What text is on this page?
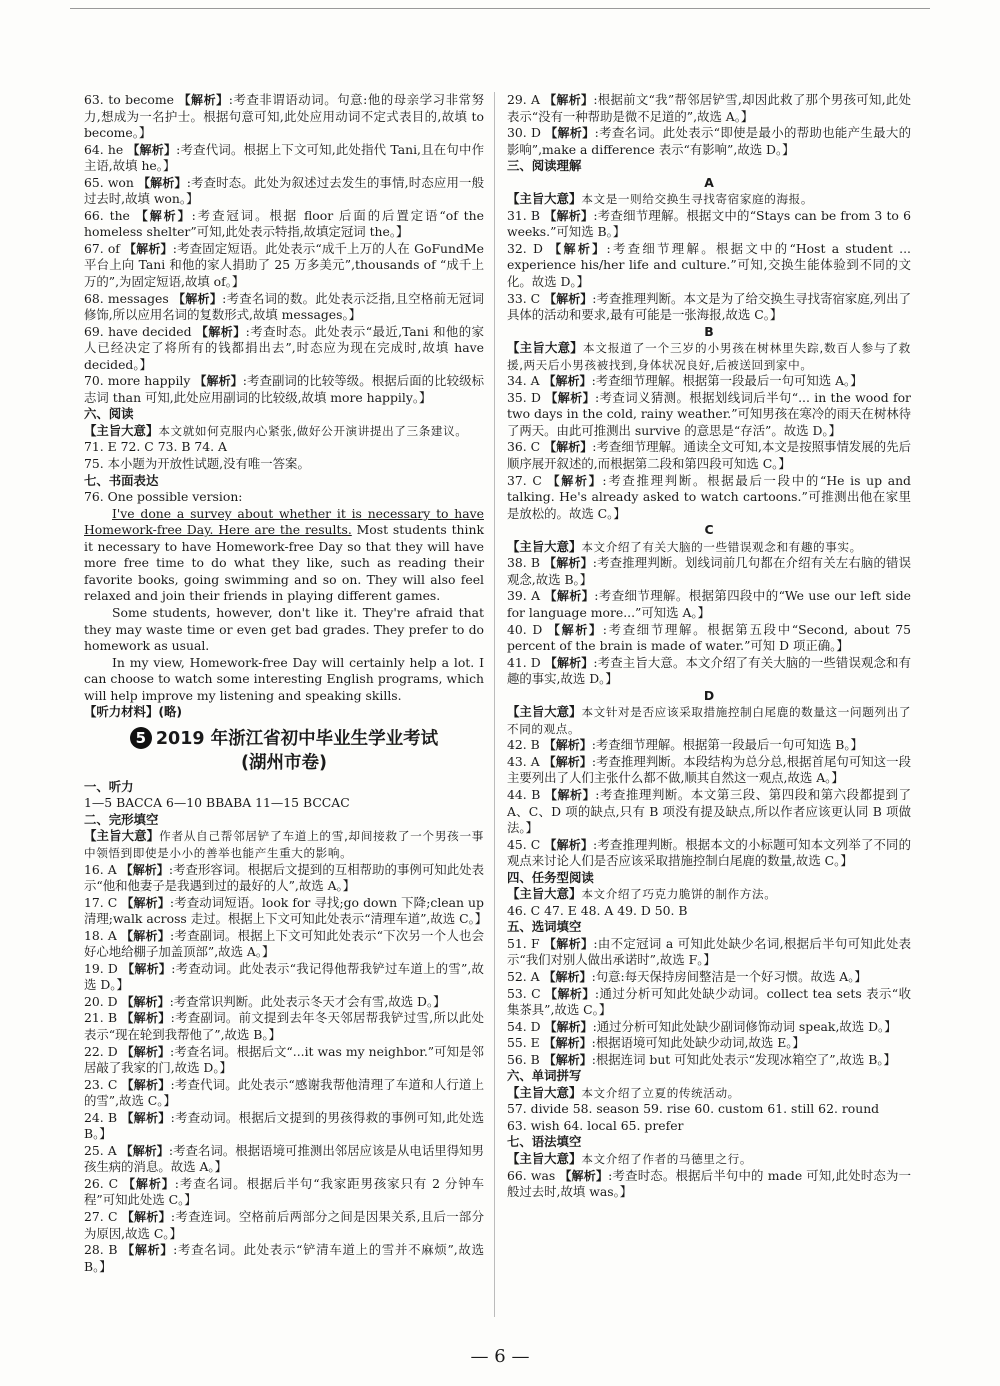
63. to become 【解析】:考查非谓语动词。句意:他的母亲学习非常努力,想成为一名护士。根据句意可知,此处应用动词不定式表目的,故填 to become。】

64. he 【解析】:考查代词。根据上下文可知,此处指代 Tani,且在句中作主语,故填 he。】

65. won 【解析】:考查时态。此处为叙述过去发生的事情,时态应用一般过去时,故填 won。】

66. the 【解析】:考查冠词。根据 floor 后面的后置定语“of the homeless shelter”可知,此处表示特指,故填定冠词 the。】

67. of 【解析】:考查固定短语。此处表示“成千上万的人在 GoFundMe 平台上向 Tani 和他的家人捐助了 25 万多美元”,thousands of “成千上万的”,为固定短语,故填 of。】

68. messages 【解析】:考查名词的数。此处表示泛指,且空格前无冠词修饰,所以应用名词的复数形式,故填 messages。】

69. have decided 【解析】:考查时态。此处表示“最近,Tani 和他的家人已经决定了将所有的钱都捐出去”,时态应为现在完成时,故填 have decided。】

70. more happily 【解析】:考查副词的比较等级。根据后面的比较级标志词 than 可知,此处应用副词的比较级,故填 more happily。】

六、阅读

【主旨大意】本文就如何克服内心紧张,做好公开演讲提出了三条建议。

71. E 72. C 73. B 74. A

75. 本小题为开放性试题,没有唯一答案。

七、书面表达

76. One possible version:

I've done a survey about whether it is necessary to have Homework-free Day. Here are the results. Most students think it necessary to have Homework-free Day so that they will have more free time to do what they like, such as reading their favorite books, going swimming and so on. They will also feel relaxed and join their friends in playing different games.

Some students, however, don't like it. They're afraid that they may waste time or even get bad grades. They prefer to do homework as usual.

In my view, Homework-free Day will certainly help a lot. I can choose to watch some interesting English programs, which will help improve my listening and speaking skills.

【听力材料】(略)

5 2019 年浙江省初中毕业生学业考试
(湖州市卷)

一、听力

1—5 BACCA 6—10 BBABA 11—15 BCCAC

二、完形填空

【主旨大意】作者从自己帮邻居铲了车道上的雪,却间接救了一个男孩一事中领悟到即使是小小的善举也能产生重大的影响。

16. A 【解析】:考查形容词。根据后文提到的互相帮助的事例可知此处表示“他和他妻子是我遇到过的最好的人”,故选 A。】

17. C 【解析】:考查动词短语。look for 寻找;go down 下降;clean up 清理;walk across 走过。根据上下文可知此处表示“清理车道”,故选 C。】

18. A 【解析】:考查副词。根据上下文可知此处表示“下次另一个人也会好心地给棚子加盖顶部”,故选 A。】

19. D 【解析】:考查动词。此处表示“我记得他帮我铲过车道上的雪”,故选 D。】

20. D 【解析】:考查常识判断。此处表示冬天才会有雪,故选 D。】

21. B 【解析】:考查副词。前文提到去年冬天邻居帮我铲过雪,所以此处表示“现在轮到我帮他了”,故选 B。】

22. D 【解析】:考查名词。根据后文“...it was my neighbor.”可知是邻居敲了我家的门,故选 D。】

23. C 【解析】:考查代词。此处表示“感谢我帮他清理了车道和人行道上的雪”,故选 C。】

24. B 【解析】:考查动词。根据后文提到的男孩得救的事例可知,此处选 B。】

25. A 【解析】:考查名词。根据语境可推测出邻居应该是从电话里得知男孩生病的消息。故选 A。】

26. C 【解析】:考查名词。根据后半句“我家距男孩家只有 2 分钟车程”可知此处选 C。】

27. C 【解析】:考查连词。空格前后两部分之间是因果关系,且后一部分为原因,故选 C。】

28. B 【解析】:考查名词。此处表示“铲清车道上的雪并不麻烦”,故选 B。】

29. A 【解析】:根据前文“我”帮邻居铲雪,却因此救了那个男孩可知,此处表示“没有一种帮助是微不足道的”,故选 A。】

30. D 【解析】:考查名词。此处表示“即使是最小的帮助也能产生最大的影响”,make a difference 表示“有影响”,故选 D。】

三、阅读理解

A

【主旨大意】本文是一则给交换生寻找寄宿家庭的海报。

31. B 【解析】:考查细节理解。根据文中的“Stays can be from 3 to 6 weeks.”可知选 B。】

32. D 【解析】:考查细节理解。根据文中的“Host a student ... experience his/her life and culture.”可知,交换生能体验到不同的文化。故选 D。】

33. C 【解析】:考查推理判断。本文是为了给交换生寻找寄宿家庭,列出了具体的活动和要求,最有可能是一张海报,故选 C。】

B

【主旨大意】本文报道了一个三岁的小男孩在树林里失踪,数百人参与了救援,两天后小男孩被找到,身体状况良好,后被送回到家中。

34. A 【解析】:考查细节理解。根据第一段最后一句可知选 A。】

35. D 【解析】:考查词义猜测。根据划线词后半句“... in the wood for two days in the cold, rainy weather.”可知男孩在寒冷的雨天在树林待了两天。由此可推测出 survive 的意思是“存活”。故选 D。】

36. C 【解析】:考查细节理解。通读全文可知,本文是按照事情发展的先后顺序展开叙述的,而根据第二段和第四段可知选 C。】

37. C 【解析】:考查推理判断。根据最后一段中的“He is up and talking. He's already asked to watch cartoons.”可推测出他在家里是放松的。故选 C。】

C

【主旨大意】本文介绍了有关大脑的一些错误观念和有趣的事实。

38. B 【解析】:考查推理判断。划线词前几句都在介绍有关左右脑的错误观念,故选 B。】

39. A 【解析】:考查细节理解。根据第四段中的“We use our left side for language more...”可知选 A。】

40. D 【解析】:考查细节理解。根据第五段中“Second, about 75 percent of the brain is made of water.”可知 D 项正确。】

41. D 【解析】:考查主旨大意。本文介绍了有关大脑的一些错误观念和有趣的事实,故选 D。】

D

【主旨大意】本文针对是否应该采取措施控制白尾鹿的数量这一问题列出了不同的观点。

42. B 【解析】:考查细节理解。根据第一段最后一句可知选 B。】

43. A 【解析】:考查推理判断。本段结构为总分总,根据首尾句可知这一段主要列出了人们主张什么都不做,顺其自然这一观点,故选 A。】

44. B 【解析】:考查推理判断。本文第三段、第四段和第六段都提到了 A、C、D 项的缺点,只有 B 项没有提及缺点,所以作者应该更认同 B 项做法。】

45. C 【解析】:考查推理判断。根据本文的小标题可知本文列举了不同的观点来讨论人们是否应该采取措施控制白尾鹿的数量,故选 C。】

四、任务型阅读

【主旨大意】本文介绍了巧克力脆饼的制作方法。

46. C 47. E 48. A 49. D 50. B

五、选词填空

51. F 【解析】:由不定冠词 a 可知此处缺少名词,根据后半句可知此处表示“我们对别人做出承诺时”,故选 F。】

52. A 【解析】:句意:每天保持房间整洁是一个好习惯。故选 A。】

53. C 【解析】:通过分析可知此处缺少动词。collect tea sets 表示“收集茶具”,故选 C。】

54. D 【解析】:通过分析可知此处缺少副词修饰动词 speak,故选 D。】

55. E 【解析】:根据语境可知此处缺少动词,故选 E。】

56. B 【解析】:根据连词 but 可知此处表示“发现冰箱空了”,故选 B。】

六、单词拼写

【主旨大意】本文介绍了立夏的传统活动。

57. divide 58. season 59. rise 60. custom 61. still 62. round

63. wish 64. local 65. prefer

七、语法填空

【主旨大意】本文介绍了作者的马德里之行。

66. was 【解析】:考查时态。根据后半句中的 made 可知,此处时态为一般过去时,故填 was。】

— 6 —
